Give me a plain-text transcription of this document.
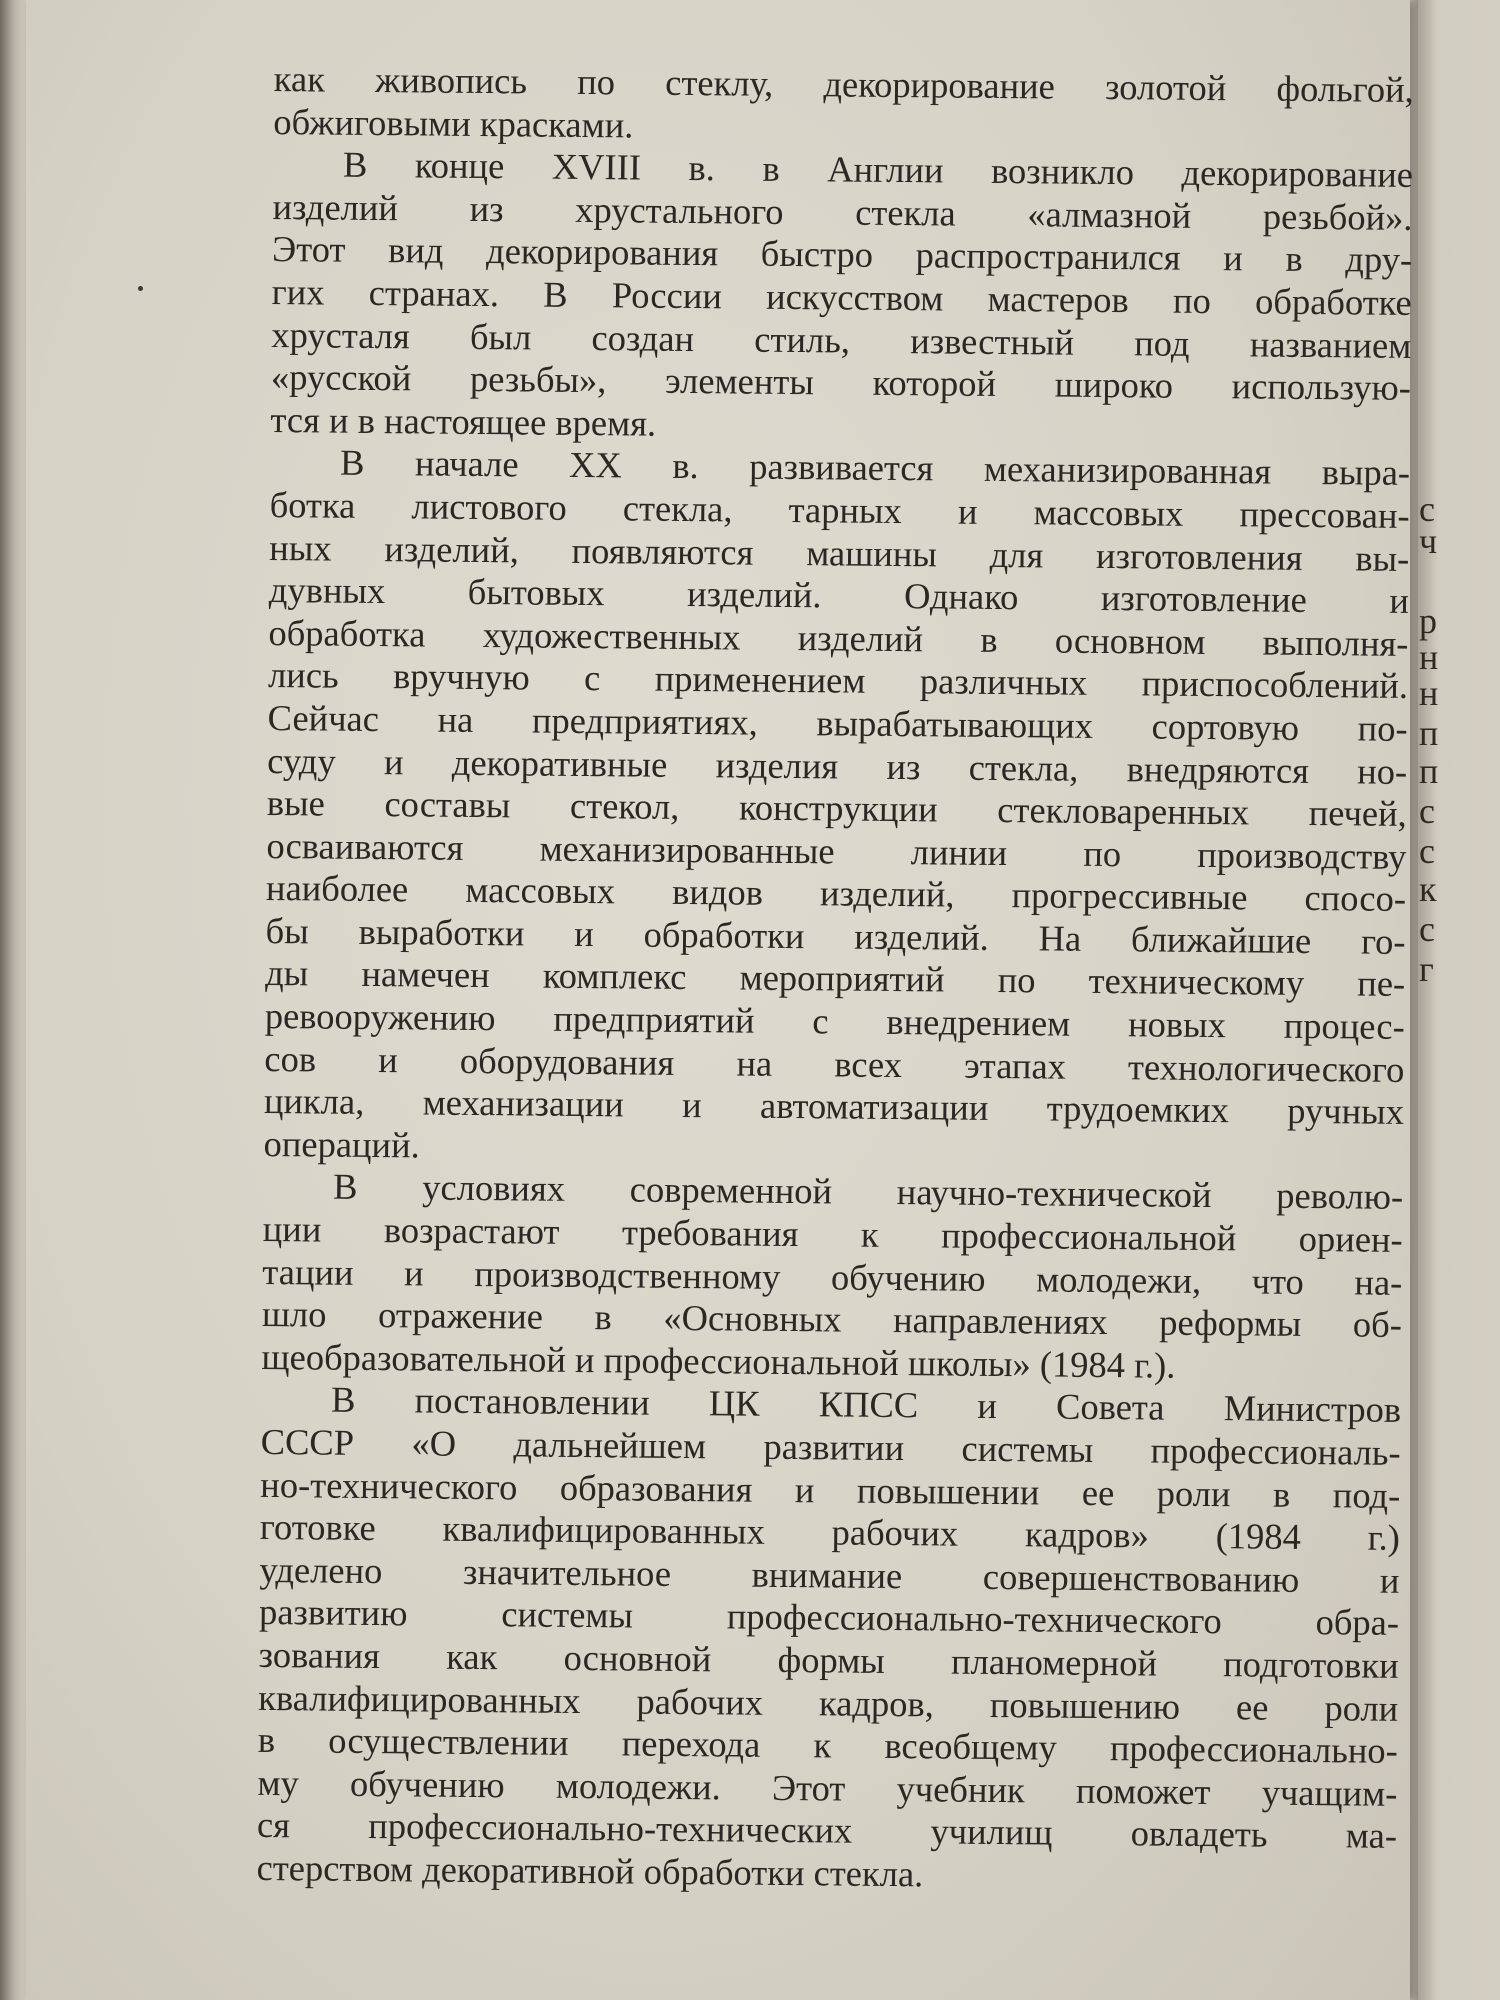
как живопись по стеклу, декорирование золотой фольгой,
обжиговыми красками.
В конце XVIII в. в Англии возникло декорирование
изделий из хрустального стекла «алмазной резьбой».
Этот вид декорирования быстро распространился и в дру-
гих странах. В России искусством мастеров по обработке
хрусталя был создан стиль, известный под названием
«русской резьбы», элементы которой широко использую-
тся и в настоящее время.
В начале XX в. развивается механизированная выра-
ботка листового стекла, тарных и массовых прессован-
ных изделий, появляются машины для изготовления вы-
дувных бытовых изделий. Однако изготовление и
обработка художественных изделий в основном выполня-
лись вручную с применением различных приспособлений.
Сейчас на предприятиях, вырабатывающих сортовую по-
суду и декоративные изделия из стекла, внедряются но-
вые составы стекол, конструкции стекловаренных печей,
осваиваются механизированные линии по производству
наиболее массовых видов изделий, прогрессивные спосо-
бы выработки и обработки изделий. На ближайшие го-
ды намечен комплекс мероприятий по техническому пе-
ревооружению предприятий с внедрением новых процес-
сов и оборудования на всех этапах технологического
цикла, механизации и автоматизации трудоемких ручных
операций.
В условиях современной научно-технической револю-
ции возрастают требования к профессиональной ориен-
тации и производственному обучению молодежи, что на-
шло отражение в «Основных направлениях реформы об-
щеобразовательной и профессиональной школы» (1984 г.).
В постановлении ЦК КПСС и Совета Министров
СССР «О дальнейшем развитии системы профессиональ-
но-технического образования и повышении ее роли в под-
готовке квалифицированных рабочих кадров» (1984 г.)
уделено значительное внимание совершенствованию и
развитию системы профессионально-технического обра-
зования как основной формы планомерной подготовки
квалифицированных рабочих кадров, повышению ее роли
в осуществлении перехода к всеобщему профессионально-
му обучению молодежи. Этот учебник поможет учащим-
ся профессионально-технических училищ овладеть ма-
стерством декоративной обработки стекла.
с
ч
р
н
н
п
п
с
с
к
с
г
